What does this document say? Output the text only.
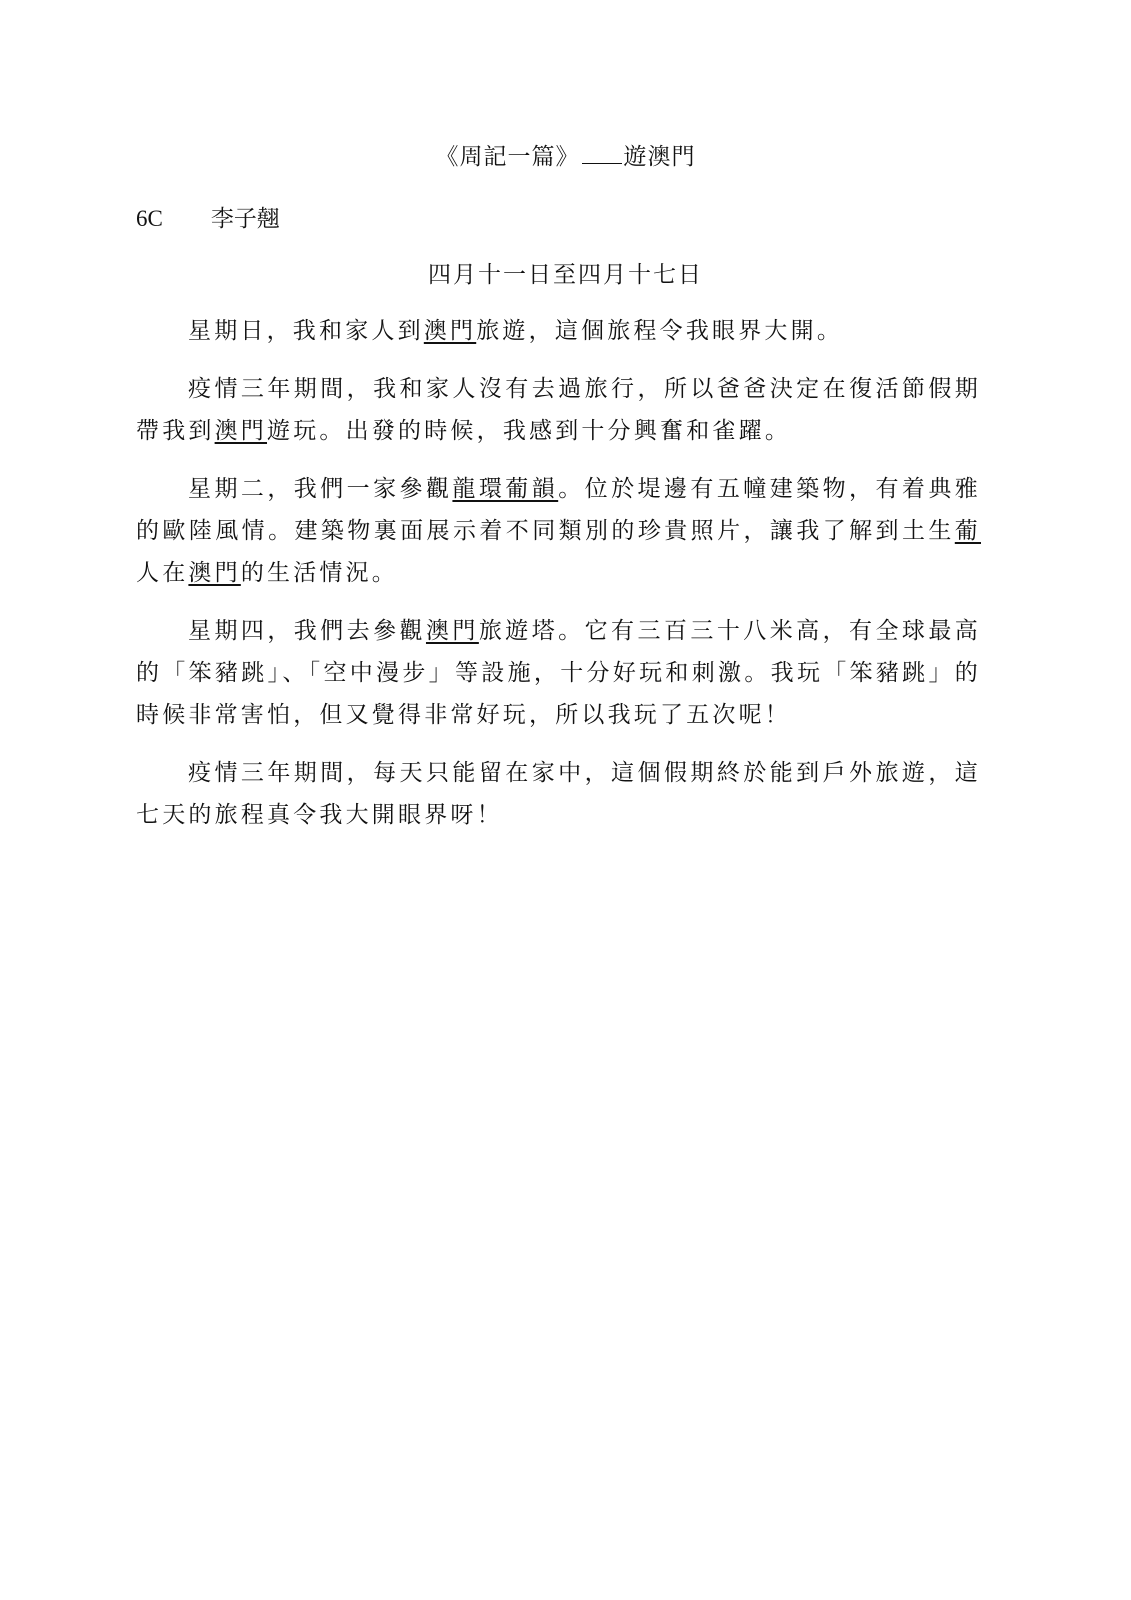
《周記一篇》 遊澳門
6C 李子翹
四月十一日至四月十七日

星期日，我和家人到澳門旅遊，這個旅程令我眼界大開。

疫情三年期間，我和家人沒有去過旅行，所以爸爸決定在復活節假期帶我到澳門遊玩。出發的時候，我感到十分興奮和雀躍。

星期二，我們一家參觀龍環葡韻。位於堤邊有五幢建築物，有着典雅的歐陸風情。建築物裏面展示着不同類別的珍貴照片，讓我了解到土生葡人在澳門的生活情況。

星期四，我們去參觀澳門旅遊塔。它有三百三十八米高，有全球最高的「笨豬跳」、「空中漫步」等設施，十分好玩和刺激。我玩「笨豬跳」的時候非常害怕，但又覺得非常好玩，所以我玩了五次呢！

疫情三年期間，每天只能留在家中，這個假期終於能到戶外旅遊，這七天的旅程真令我大開眼界呀！
